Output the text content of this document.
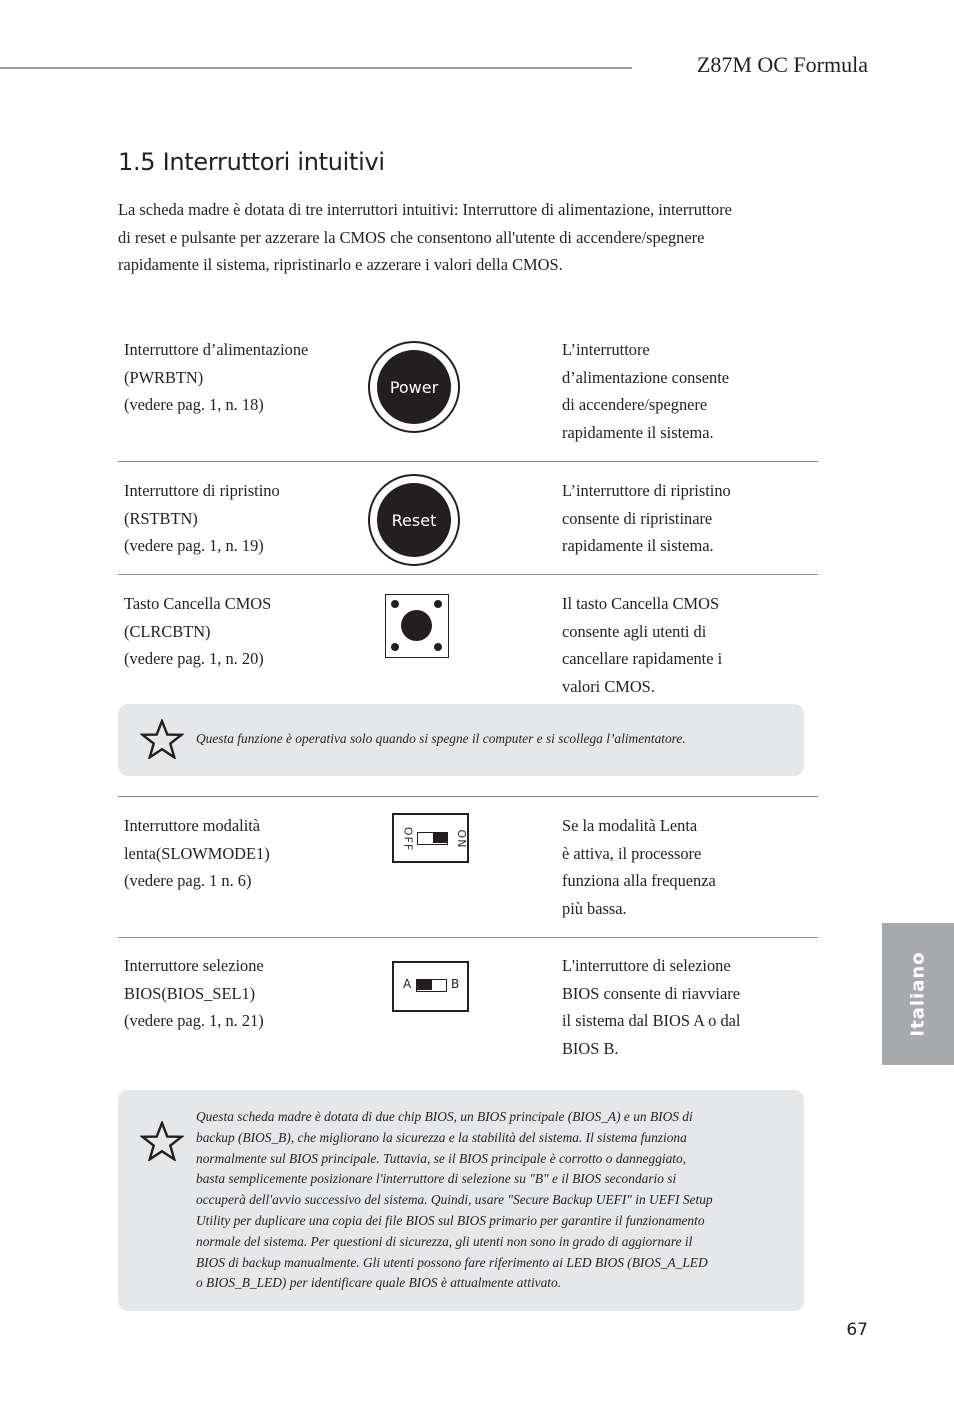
Z87M OC Formula
1.5 Interruttori intuitivi

La scheda madre è dotata di tre interruttori intuitivi: Interruttore di alimentazione, interruttore di reset e pulsante per azzerare la CMOS che consentono all'utente di accendere/spegnere rapidamente il sistema, ripristinarlo e azzerare i valori della CMOS.

Interruttore d’alimentazione
(PWRBTN)
(vedere pag. 1, n. 18)
Power
L’interruttore
d’alimentazione consente
di accendere/spegnere
rapidamente il sistema.
Interruttore di ripristino
(RSTBTN)
(vedere pag. 1, n. 19)
Reset
L’interruttore di ripristino
consente di ripristinare
rapidamente il sistema.
Tasto Cancella CMOS
(CLRCBTN)
(vedere pag. 1, n. 20)
Il tasto Cancella CMOS
consente agli utenti di
cancellare rapidamente i
valori CMOS.
Questa funzione è operativa solo quando si spegne il computer e si scollega l’alimentatore.
Interruttore modalità
lenta(SLOWMODE1)
(vedere pag. 1 n. 6)
OFF	ON
Se la modalità Lenta
è attiva, il processore
funziona alla frequenza
più bassa.
Interruttore selezione
BIOS(BIOS_SEL1)
(vedere pag. 1, n. 21)
A	B
L'interruttore di selezione
BIOS consente di riavviare
il sistema dal BIOS A o dal
BIOS B.
Questa scheda madre è dotata di due chip BIOS, un BIOS principale (BIOS_A) e un BIOS di
backup (BIOS_B), che migliorano la sicurezza e la stabilità del sistema. Il sistema funziona
normalmente sul BIOS principale. Tuttavia, se il BIOS principale è corrotto o danneggiato,
basta semplicemente posizionare l'interruttore di selezione su "B" e il BIOS secondario si
occuperà dell'avvio successivo del sistema. Quindi, usare "Secure Backup UEFI" in UEFI Setup
Utility per duplicare una copia dei file BIOS sul BIOS primario per garantire il funzionamento
normale del sistema. Per questioni di sicurezza, gli utenti non sono in grado di aggiornare il
BIOS di backup manualmente. Gli utenti possono fare riferimento ai LED BIOS (BIOS_A_LED
o BIOS_B_LED) per identificare quale BIOS è attualmente attivato.
Italiano
67
